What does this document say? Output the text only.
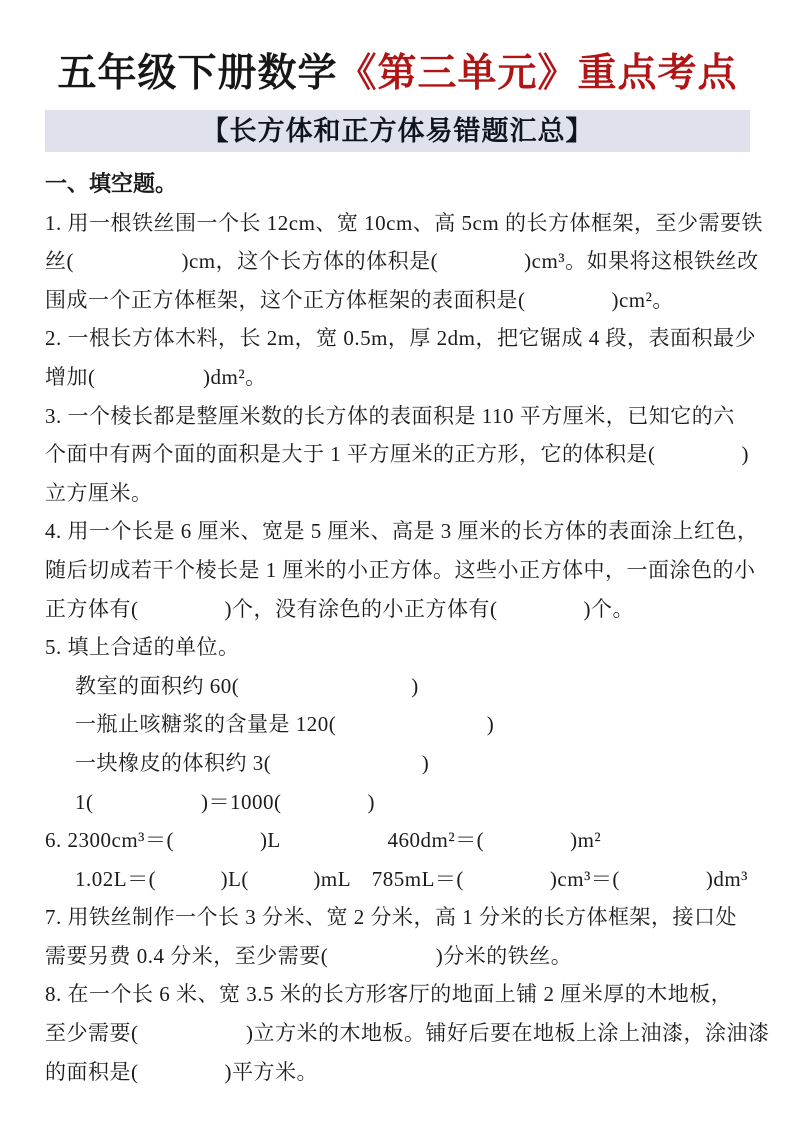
五年级下册数学《第三单元》重点考点
【长方体和正方体易错题汇总】
一、填空题。
1. 用一根铁丝围一个长 12cm、宽 10cm、高 5cm 的长方体框架，至少需要铁
丝(　　　　　)cm，这个长方体的体积是(　　　　)cm³。如果将这根铁丝改
围成一个正方体框架，这个正方体框架的表面积是(　　　　)cm²。
2. 一根长方体木料，长 2m，宽 0.5m，厚 2dm，把它锯成 4 段，表面积最少
增加(　　　　　)dm²。
3. 一个棱长都是整厘米数的长方体的表面积是 110 平方厘米，已知它的六
个面中有两个面的面积是大于 1 平方厘米的正方形，它的体积是(　　　　)
立方厘米。
4. 用一个长是 6 厘米、宽是 5 厘米、高是 3 厘米的长方体的表面涂上红色，
随后切成若干个棱长是 1 厘米的小正方体。这些小正方体中，一面涂色的小
正方体有(　　　　)个，没有涂色的小正方体有(　　　　)个。
5. 填上合适的单位。
教室的面积约 60(　　　　　　　　)
一瓶止咳糖浆的含量是 120(　　　　　　　)
一块橡皮的体积约 3(　　　　　　　)
1(　　　　　)＝1000(　　　　)
6. 2300cm³＝(　　　　)L　　　　　460dm²＝(　　　　)m²
1.02L＝(　　　)L(　　　)mL　785mL＝(　　　　)cm³＝(　　　　)dm³
7. 用铁丝制作一个长 3 分米、宽 2 分米，高 1 分米的长方体框架，接口处
需要另费 0.4 分米，至少需要(　　　　　)分米的铁丝。
8. 在一个长 6 米、宽 3.5 米的长方形客厅的地面上铺 2 厘米厚的木地板，
至少需要(　　　　　)立方米的木地板。铺好后要在地板上涂上油漆，涂油漆
的面积是(　　　　)平方米。
